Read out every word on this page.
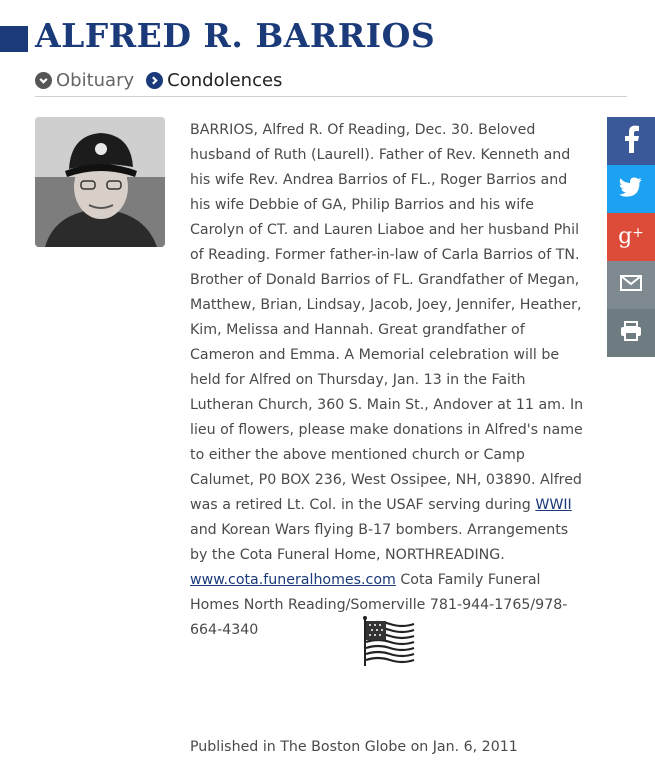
ALFRED R. BARRIOS
Obituary Condolences

BARRIOS, Alfred R. Of Reading, Dec. 30. Beloved husband of Ruth (Laurell). Father of Rev. Kenneth and his wife Rev. Andrea Barrios of FL., Roger Barrios and his wife Debbie of GA, Philip Barrios and his wife Carolyn of CT. and Lauren Liaboe and her husband Phil of Reading. Former father-in-law of Carla Barrios of TN. Brother of Donald Barrios of FL. Grandfather of Megan, Matthew, Brian, Lindsay, Jacob, Joey, Jennifer, Heather, Kim, Melissa and Hannah. Great grandfather of Cameron and Emma. A Memorial celebration will be held for Alfred on Thursday, Jan. 13 in the Faith Lutheran Church, 360 S. Main St., Andover at 11 am. In lieu of flowers, please make donations in Alfred's name to either the above mentioned church or Camp Calumet, P0 BOX 236, West Ossipee, NH, 03890. Alfred was a retired Lt. Col. in the USAF serving during WWII and Korean Wars flying B-17 bombers. Arrangements by the Cota Funeral Home, NORTHREADING. www.cota.funeralhomes.com Cota Family Funeral Homes North Reading/Somerville 781-944-1765/978-664-4340

Published in The Boston Globe on Jan. 6, 2011

g+
